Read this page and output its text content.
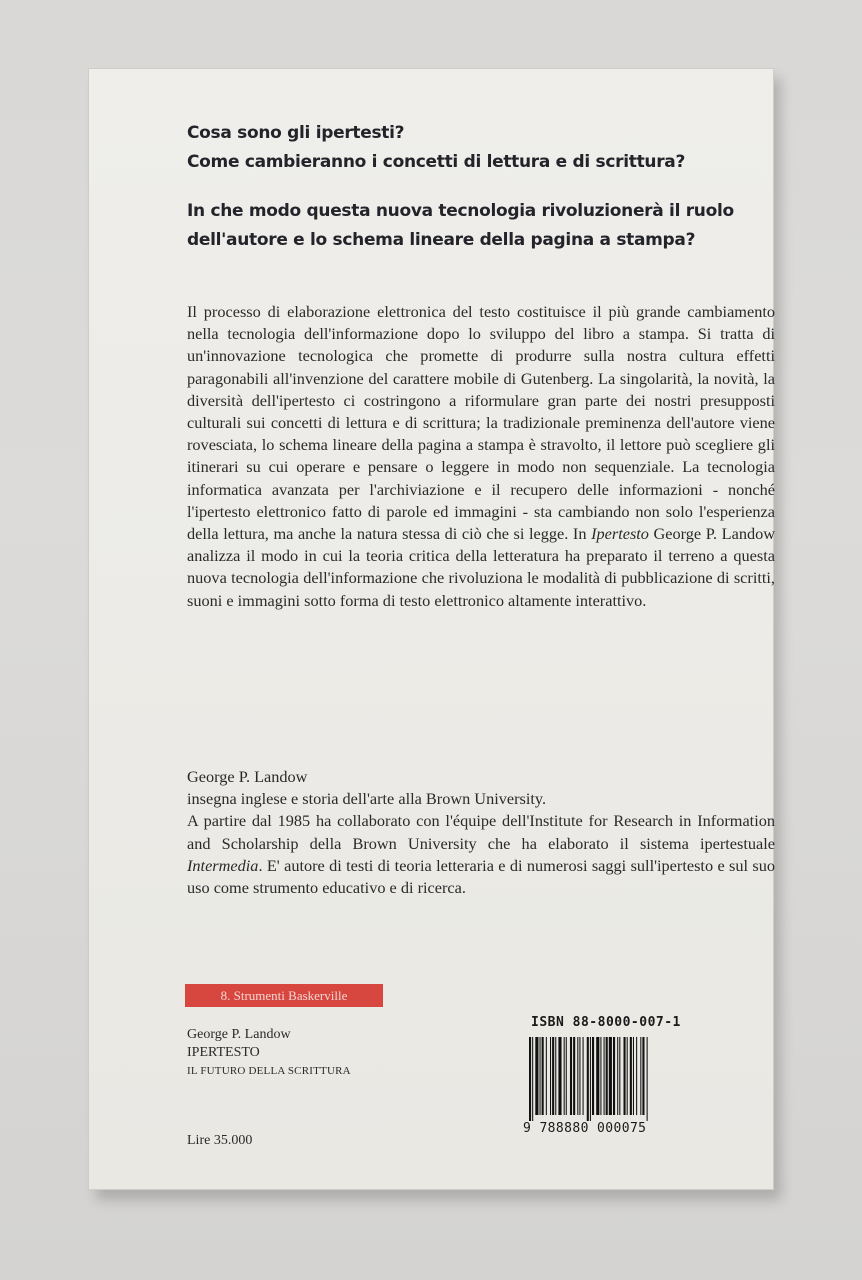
Cosa sono gli ipertesti?

Come cambieranno i concetti di lettura e di scrittura?

In che modo questa nuova tecnologia rivoluzionerà il ruolo dell'autore e lo schema lineare della pagina a stampa?

Il processo di elaborazione elettronica del testo costituisce il più grande cambiamento nella tecnologia dell'informazione dopo lo sviluppo del libro a stampa. Si tratta di un'innovazione tecnologica che promette di produrre sulla nostra cultura effetti paragonabili all'invenzione del carattere mobile di Gutenberg. La singolarità, la novità, la diversità dell'ipertesto ci costringono a riformulare gran parte dei nostri presupposti culturali sui concetti di lettura e di scrittura; la tradizionale preminenza dell'autore viene rovesciata, lo schema lineare della pagina a stampa è stravolto, il lettore può scegliere gli itinerari su cui operare e pensare o leggere in modo non sequenziale. La tecnologia informatica avanzata per l'archiviazione e il recupero delle informazioni - nonché l'ipertesto elettronico fatto di parole ed immagini - sta cambiando non solo l'esperienza della lettura, ma anche la natura stessa di ciò che si legge. In Ipertesto George P. Landow analizza il modo in cui la teoria critica della letteratura ha preparato il terreno a questa nuova tecnologia dell'informazione che rivoluziona le modalità di pubblicazione di scritti, suoni e immagini sotto forma di testo elettronico altamente interattivo.

George P. Landow

insegna inglese e storia dell'arte alla Brown University.

A partire dal 1985 ha collaborato con l'équipe dell'Institute for Research in Information and Scholarship della Brown University che ha elaborato il sistema ipertestuale Intermedia. E' autore di testi di teoria letteraria e di numerosi saggi sull'ipertesto e sul suo uso come strumento educativo e di ricerca.

8. Strumenti Baskerville
George P. Landow
IPERTESTO
IL FUTURO DELLA SCRITTURA
Lire 35.000
ISBN 88-8000-007-1
9 788880 000075
